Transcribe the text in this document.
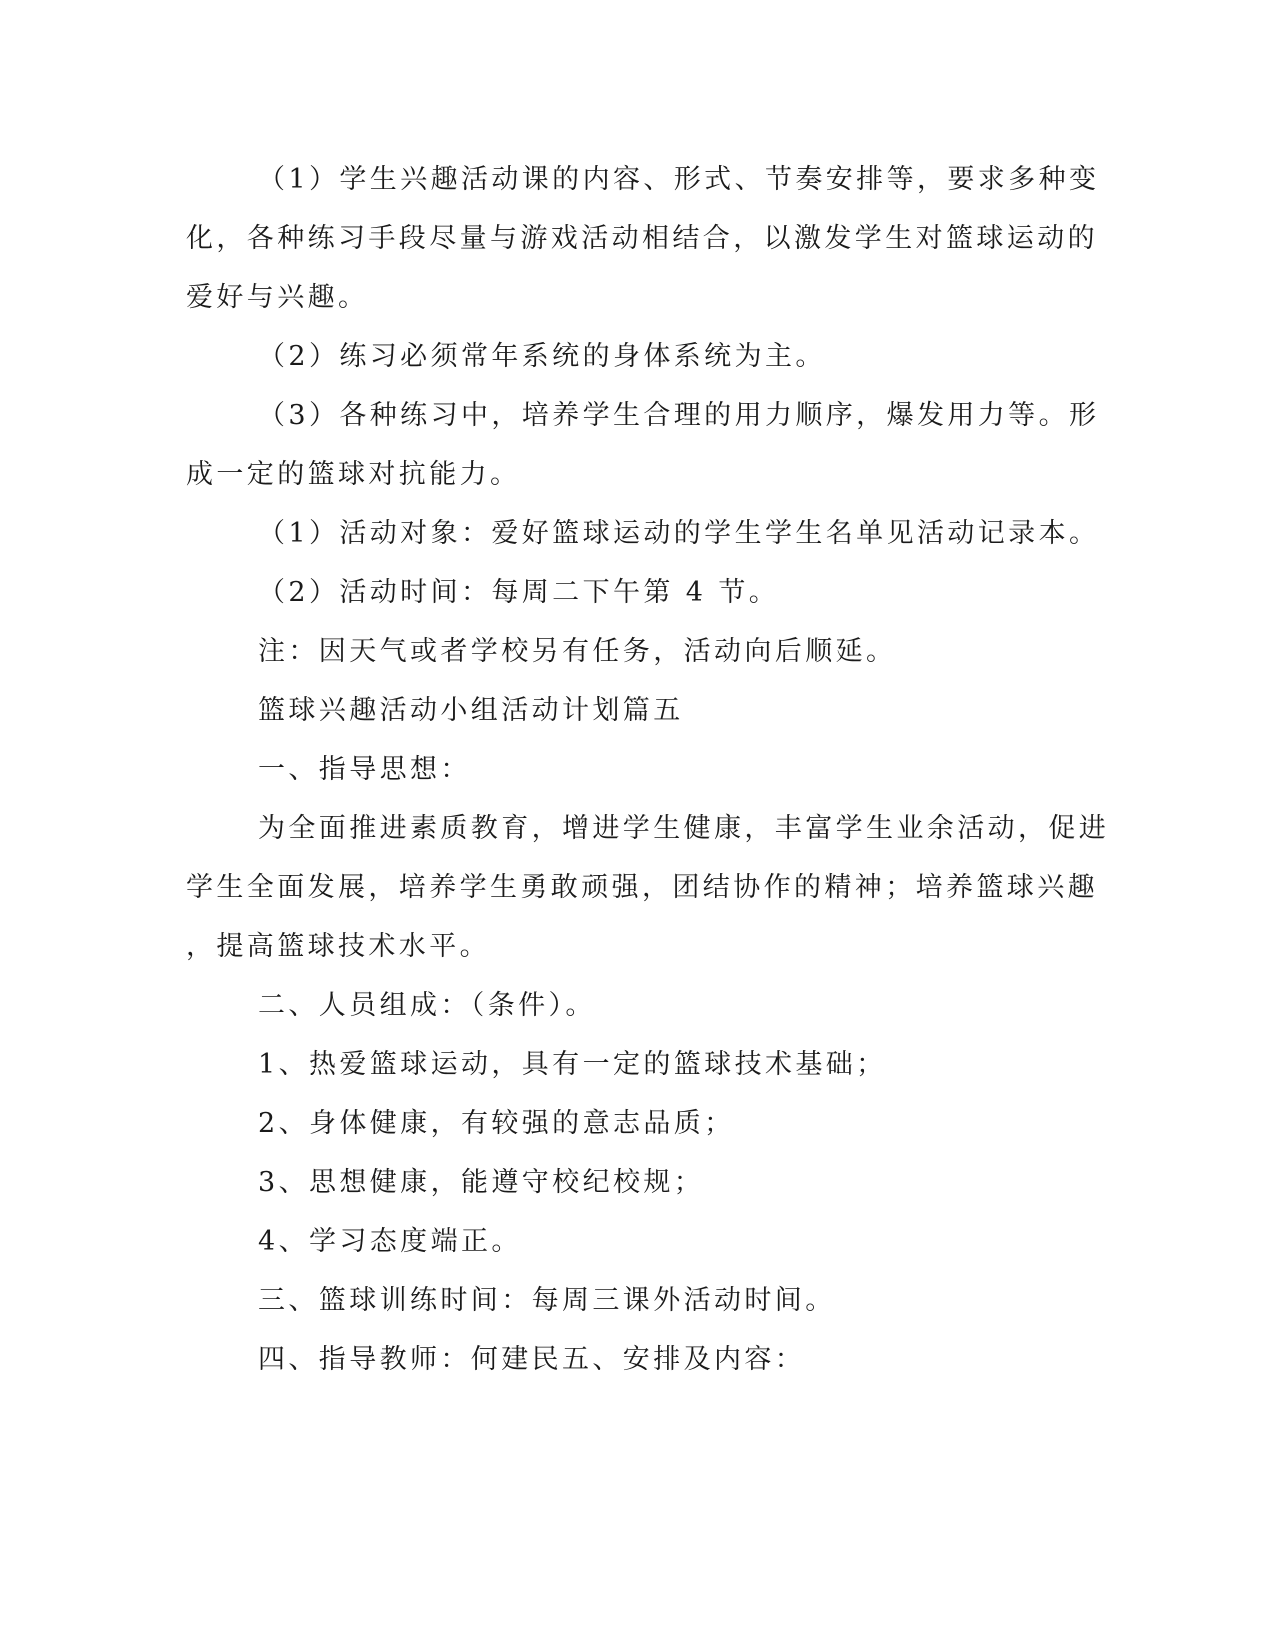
（1）学生兴趣活动课的内容、形式、节奏安排等，要求多种变
化，各种练习手段尽量与游戏活动相结合，以激发学生对篮球运动的
爱好与兴趣。
（2）练习必须常年系统的身体系统为主。
（3）各种练习中，培养学生合理的用力顺序，爆发用力等。形
成一定的篮球对抗能力。
（1）活动对象：爱好篮球运动的学生学生名单见活动记录本。
（2）活动时间：每周二下午第 4 节。
注：因天气或者学校另有任务，活动向后顺延。
篮球兴趣活动小组活动计划篇五
一、指导思想：
为全面推进素质教育，增进学生健康，丰富学生业余活动，促进
学生全面发展，培养学生勇敢顽强，团结协作的精神；培养篮球兴趣
，提高篮球技术水平。
二、人员组成：（条件）。
1、热爱篮球运动，具有一定的篮球技术基础；
2、身体健康，有较强的意志品质；
3、思想健康，能遵守校纪校规；
4、学习态度端正。
三、篮球训练时间：每周三课外活动时间。
四、指导教师：何建民五、安排及内容：
